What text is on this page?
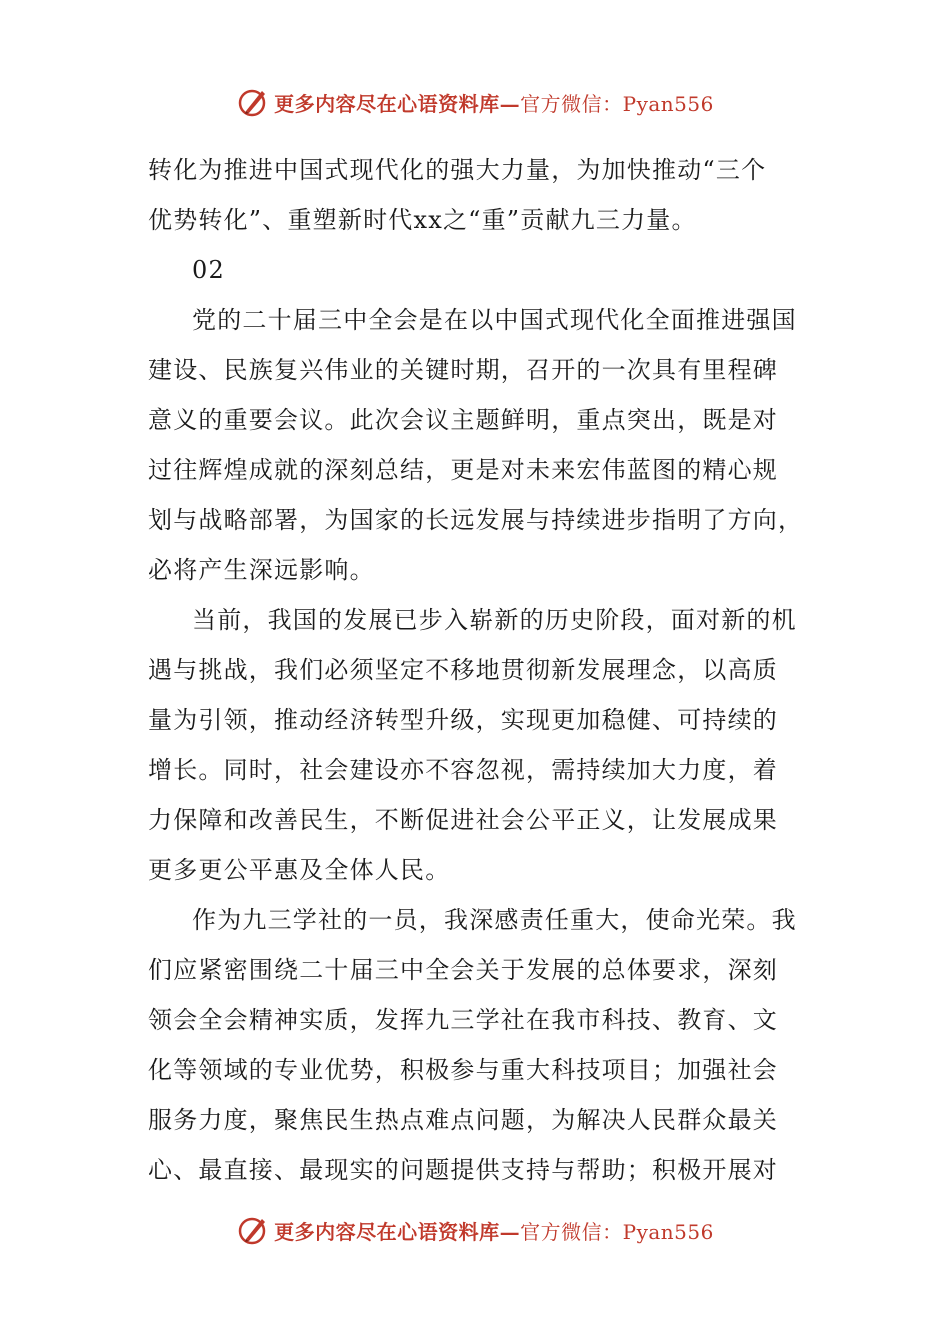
更多内容尽在心语资料库—官方微信：Pyan556
转化为推进中国式现代化的强大力量，为加快推动“三个
优势转化”、重塑新时代xx之“重”贡献九三力量。
02
党的二十届三中全会是在以中国式现代化全面推进强国
建设、民族复兴伟业的关键时期，召开的一次具有里程碑
意义的重要会议。此次会议主题鲜明，重点突出，既是对
过往辉煌成就的深刻总结，更是对未来宏伟蓝图的精心规
划与战略部署，为国家的长远发展与持续进步指明了方向，
必将产生深远影响。
当前，我国的发展已步入崭新的历史阶段，面对新的机
遇与挑战，我们必须坚定不移地贯彻新发展理念，以高质
量为引领，推动经济转型升级，实现更加稳健、可持续的
增长。同时，社会建设亦不容忽视，需持续加大力度，着
力保障和改善民生，不断促进社会公平正义，让发展成果
更多更公平惠及全体人民。
作为九三学社的一员，我深感责任重大，使命光荣。我
们应紧密围绕二十届三中全会关于发展的总体要求，深刻
领会全会精神实质，发挥九三学社在我市科技、教育、文
化等领域的专业优势，积极参与重大科技项目；加强社会
服务力度，聚焦民生热点难点问题，为解决人民群众最关
心、最直接、最现实的问题提供支持与帮助；积极开展对
更多内容尽在心语资料库—官方微信：Pyan556
